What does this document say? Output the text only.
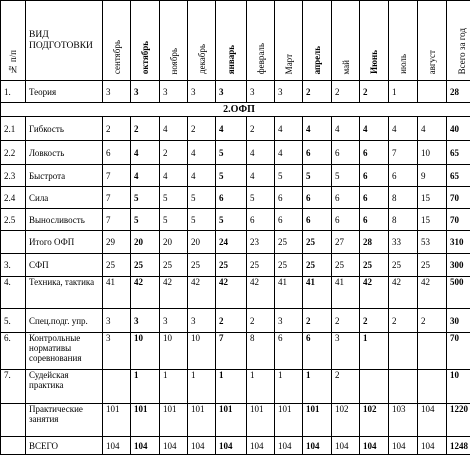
№ п/п	ВИД ПОДГОТОВКИ	сентябрь	октябрь	ноябрь	декабрь	январь	февраль	Март	апрель	май	Июнь	июль	август	Всего за год
1.	Теория	3	3	3	3	3	3	3	2	2	2	1		28
2.ОФП														
2.1	Гибкость	2	2	4	2	4	2	4	4	4	4	4	4	40
2.2	Ловкость	6	4	2	4	5	4	4	6	6	6	7	10	65
2.3	Быстрота	7	4	4	4	5	4	5	5	5	6	6	9	65
2.4	Сила	7	5	5	5	6	5	6	6	6	6	8	15	70
2.5	Выносливость	7	5	5	5	5	6	6	6	6	6	8	15	70
	Итого ОФП	29	20	20	20	24	23	25	25	27	28	33	53	310
3.	СФП	25	25	25	25	25	25	25	25	25	25	25	25	300
4.	Техника, тактика	41	42	42	42	42	42	41	41	41	42	42	42	500
5.	Спец.подг. упр.	3	3	3	3	2	2	3	2	2	2	2	2	30
6.	Контрольные нормативы соревнования	3	10	10	10	7	8	6	6	3	1			70
7.	Судейская практика		1	1	1	1	1	1	1	2				10
	Практические занятия	101	101	101	101	101	101	101	101	102	102	103	104	1220
	ВСЕГО	104	104	104	104	104	104	104	104	104	104	104	104	1248
